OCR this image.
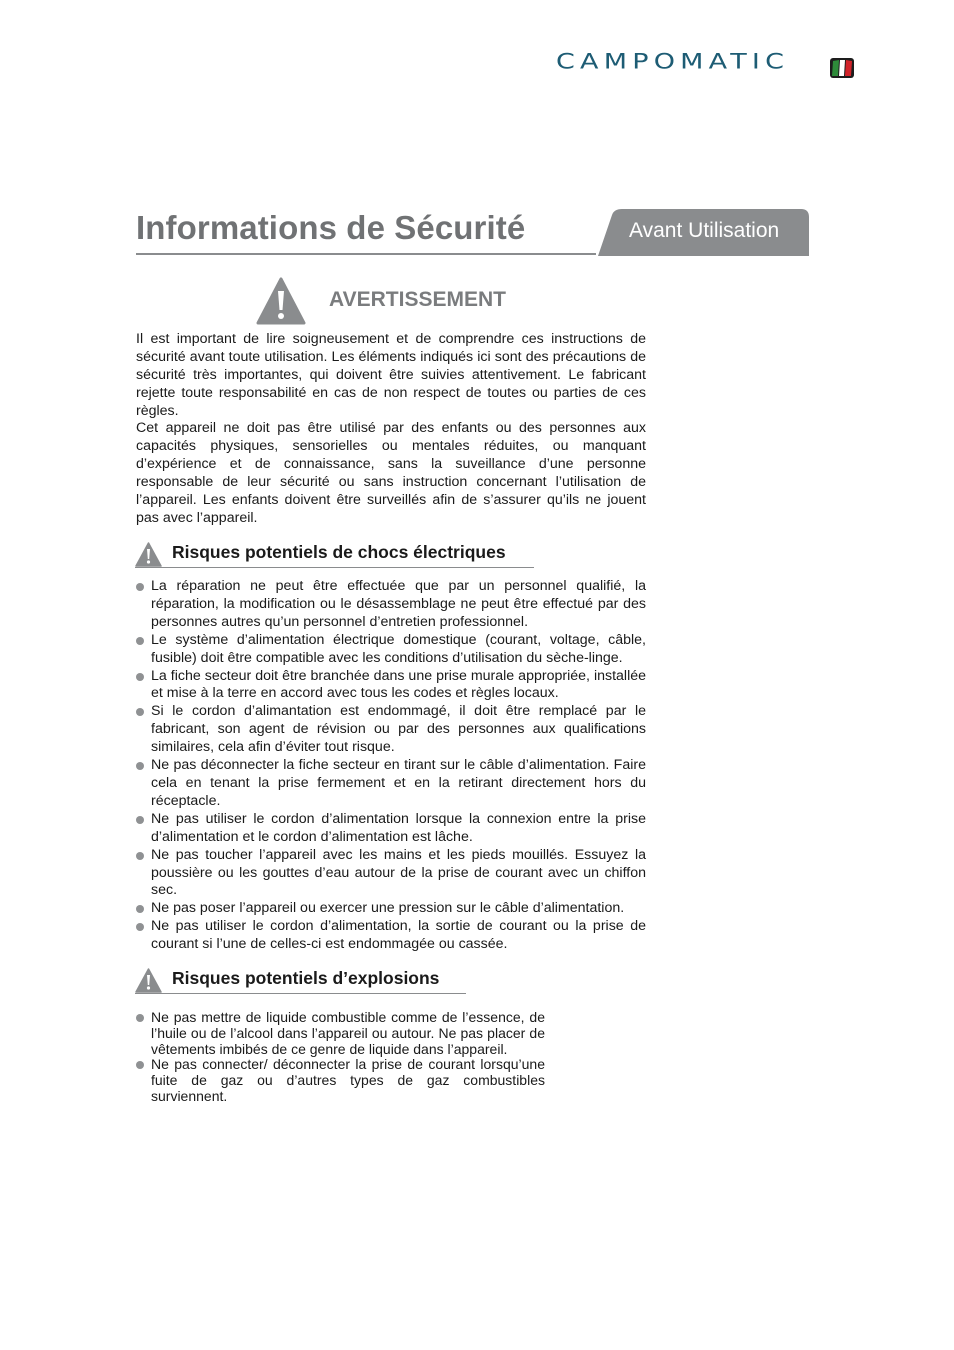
CAMPOMATIC
Informations de Sécurité	Avant Utilisation
AVERTISSEMENT

Il est important de lire soigneusement et de comprendre ces instructions de sécurité avant toute utilisation. Les éléments indiqués ici sont des précautions de sécurité très importantes, qui doivent être suivies attentivement. Le fabricant rejette toute responsabilité en cas de non respect de toutes ou parties de ces règles.

Cet appareil ne doit pas être utilisé par des enfants ou des personnes aux capacités physiques, sensorielles ou mentales réduites, ou manquant d’expérience et de connaissance, sans la suveillance d’une personne responsable de leur sécurité ou sans instruction concernant l’utilisation de l’appareil. Les enfants doivent être surveillés afin de s’assurer qu’ils ne jouent pas avec l’appareil.

Risques potentiels de chocs électriques
La réparation ne peut être effectuée que par un personnel qualifié, la réparation, la modification ou le désassemblage ne peut être effectué par des personnes autres qu’un personnel d’entretien professionnel.
Le système d’alimentation électrique domestique (courant, voltage, câble, fusible) doit être compatible avec les conditions d’utilisation du sèche-linge.
La fiche secteur doit être branchée dans une prise murale appropriée, installée et mise à la terre en accord avec tous les codes et règles locaux.
Si le cordon d’alimantation est endommagé, il doit être remplacé par le fabricant, son agent de révision ou par des personnes aux qualifications similaires, cela afin d’éviter tout risque.
Ne pas déconnecter la fiche secteur en tirant sur le câble d’alimentation. Faire cela en tenant la prise fermement et en la retirant directement hors du réceptacle.
Ne pas utiliser le cordon d’alimentation lorsque la connexion entre la prise d’alimentation et le cordon d’alimentation est lâche.
Ne pas toucher l’appareil avec les mains et les pieds mouillés. Essuyez la poussière ou les gouttes d’eau autour de la prise de courant avec un chiffon sec.
Ne pas poser l’appareil ou exercer une pression sur le câble d’alimentation.
Ne pas utiliser le cordon d’alimentation, la sortie de courant ou la prise de courant si l’une de celles-ci est endommagée ou cassée.
Risques potentiels d’explosions
Ne pas mettre de liquide combustible comme de l’essence, de l’huile ou de l’alcool dans l’appareil ou autour. Ne pas placer de vêtements imbibés de ce genre de liquide dans l’appareil.
Ne pas connecter/ déconnecter la prise de courant lorsqu’une fuite de gaz ou d’autres types de gaz combustibles surviennent.
